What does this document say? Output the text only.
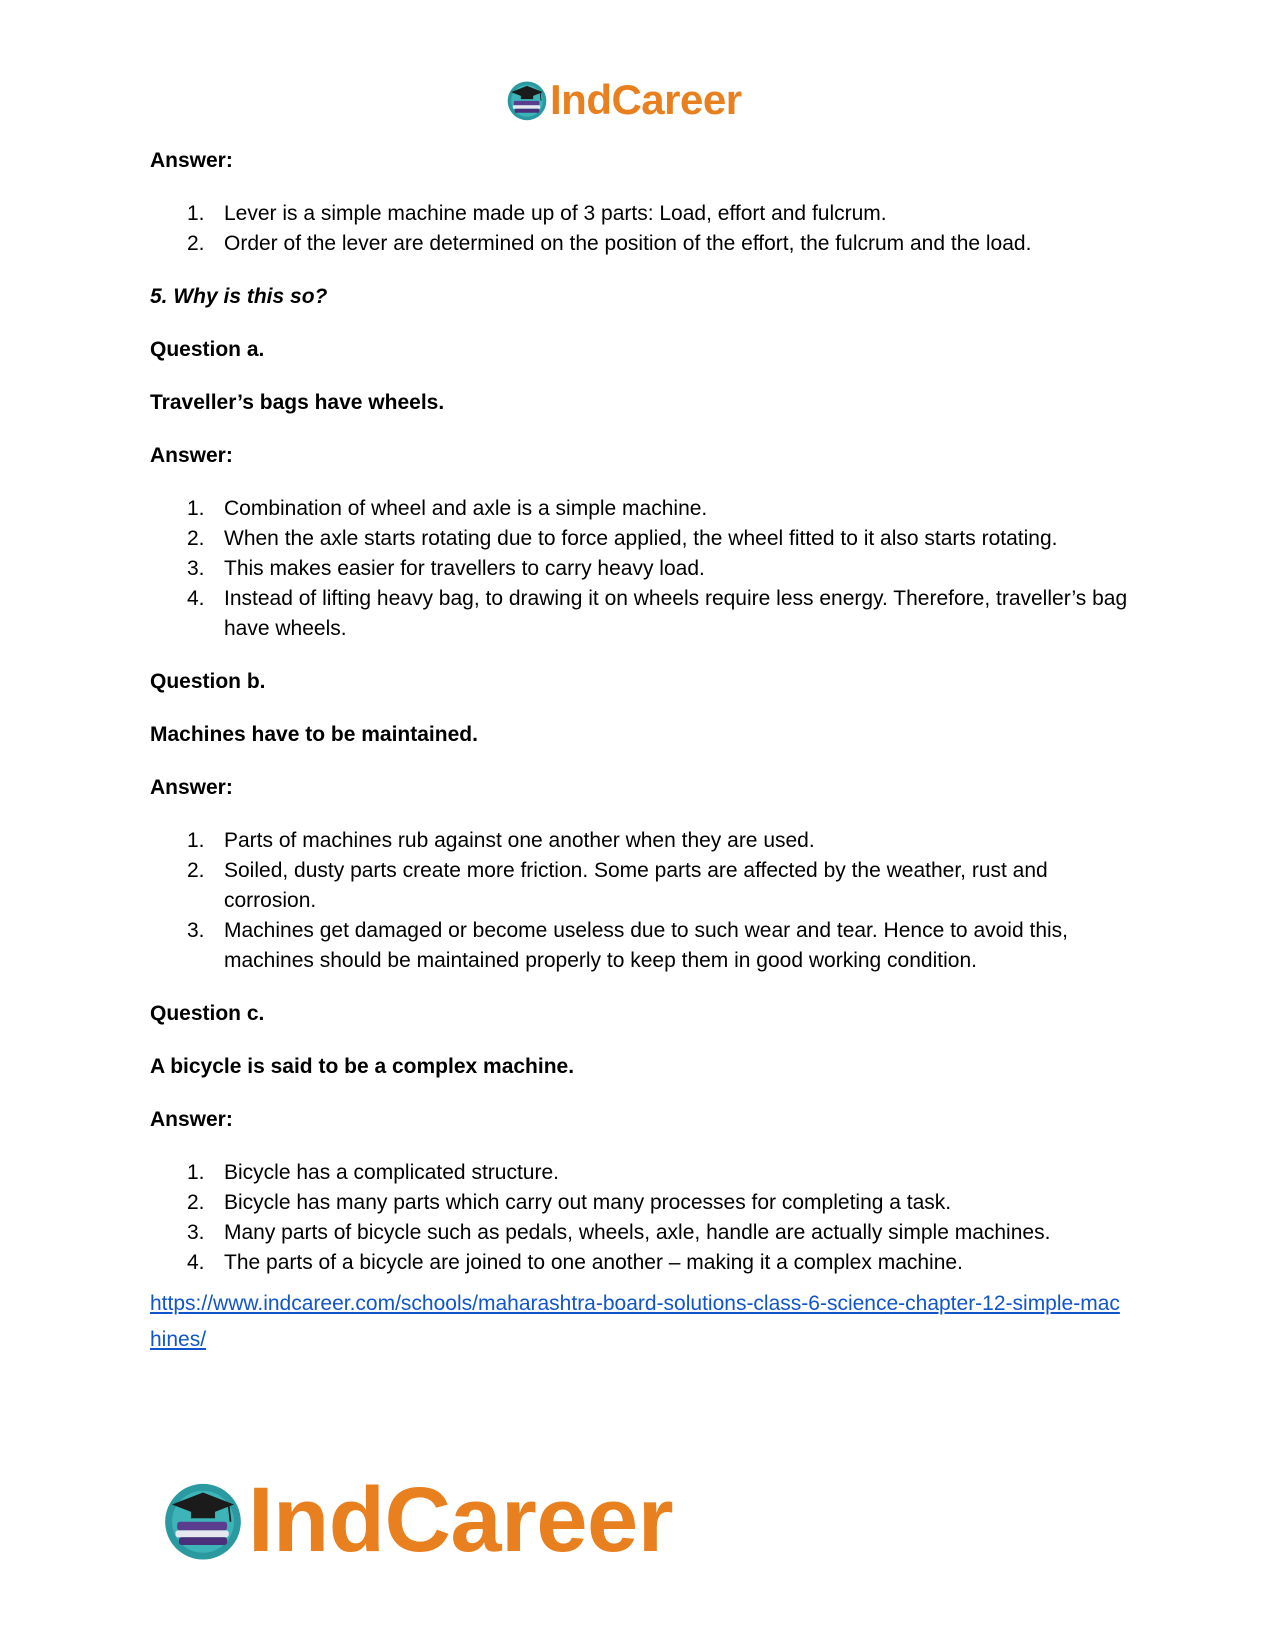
IndCareer

Answer:

1. Lever is a simple machine made up of 3 parts: Load, effort and fulcrum.
2. Order of the lever are determined on the position of the effort, the fulcrum and the load.

5. Why is this so?

Question a.

Traveller’s bags have wheels.

Answer:

1. Combination of wheel and axle is a simple machine.
2. When the axle starts rotating due to force applied, the wheel fitted to it also starts rotating.
3. This makes easier for travellers to carry heavy load.
4. Instead of lifting heavy bag, to drawing it on wheels require less energy. Therefore, traveller’s bag have wheels.

Question b.

Machines have to be maintained.

Answer:

1. Parts of machines rub against one another when they are used.
2. Soiled, dusty parts create more friction. Some parts are affected by the weather, rust and corrosion.
3. Machines get damaged or become useless due to such wear and tear. Hence to avoid this, machines should be maintained properly to keep them in good working condition.

Question c.

A bicycle is said to be a complex machine.

Answer:

1. Bicycle has a complicated structure.
2. Bicycle has many parts which carry out many processes for completing a task.
3. Many parts of bicycle such as pedals, wheels, axle, handle are actually simple machines.
4. The parts of a bicycle are joined to one another – making it a complex machine.
https://www.indcareer.com/schools/maharashtra-board-solutions-class-6-science-chapter-12-simple-machines/
IndCareer
